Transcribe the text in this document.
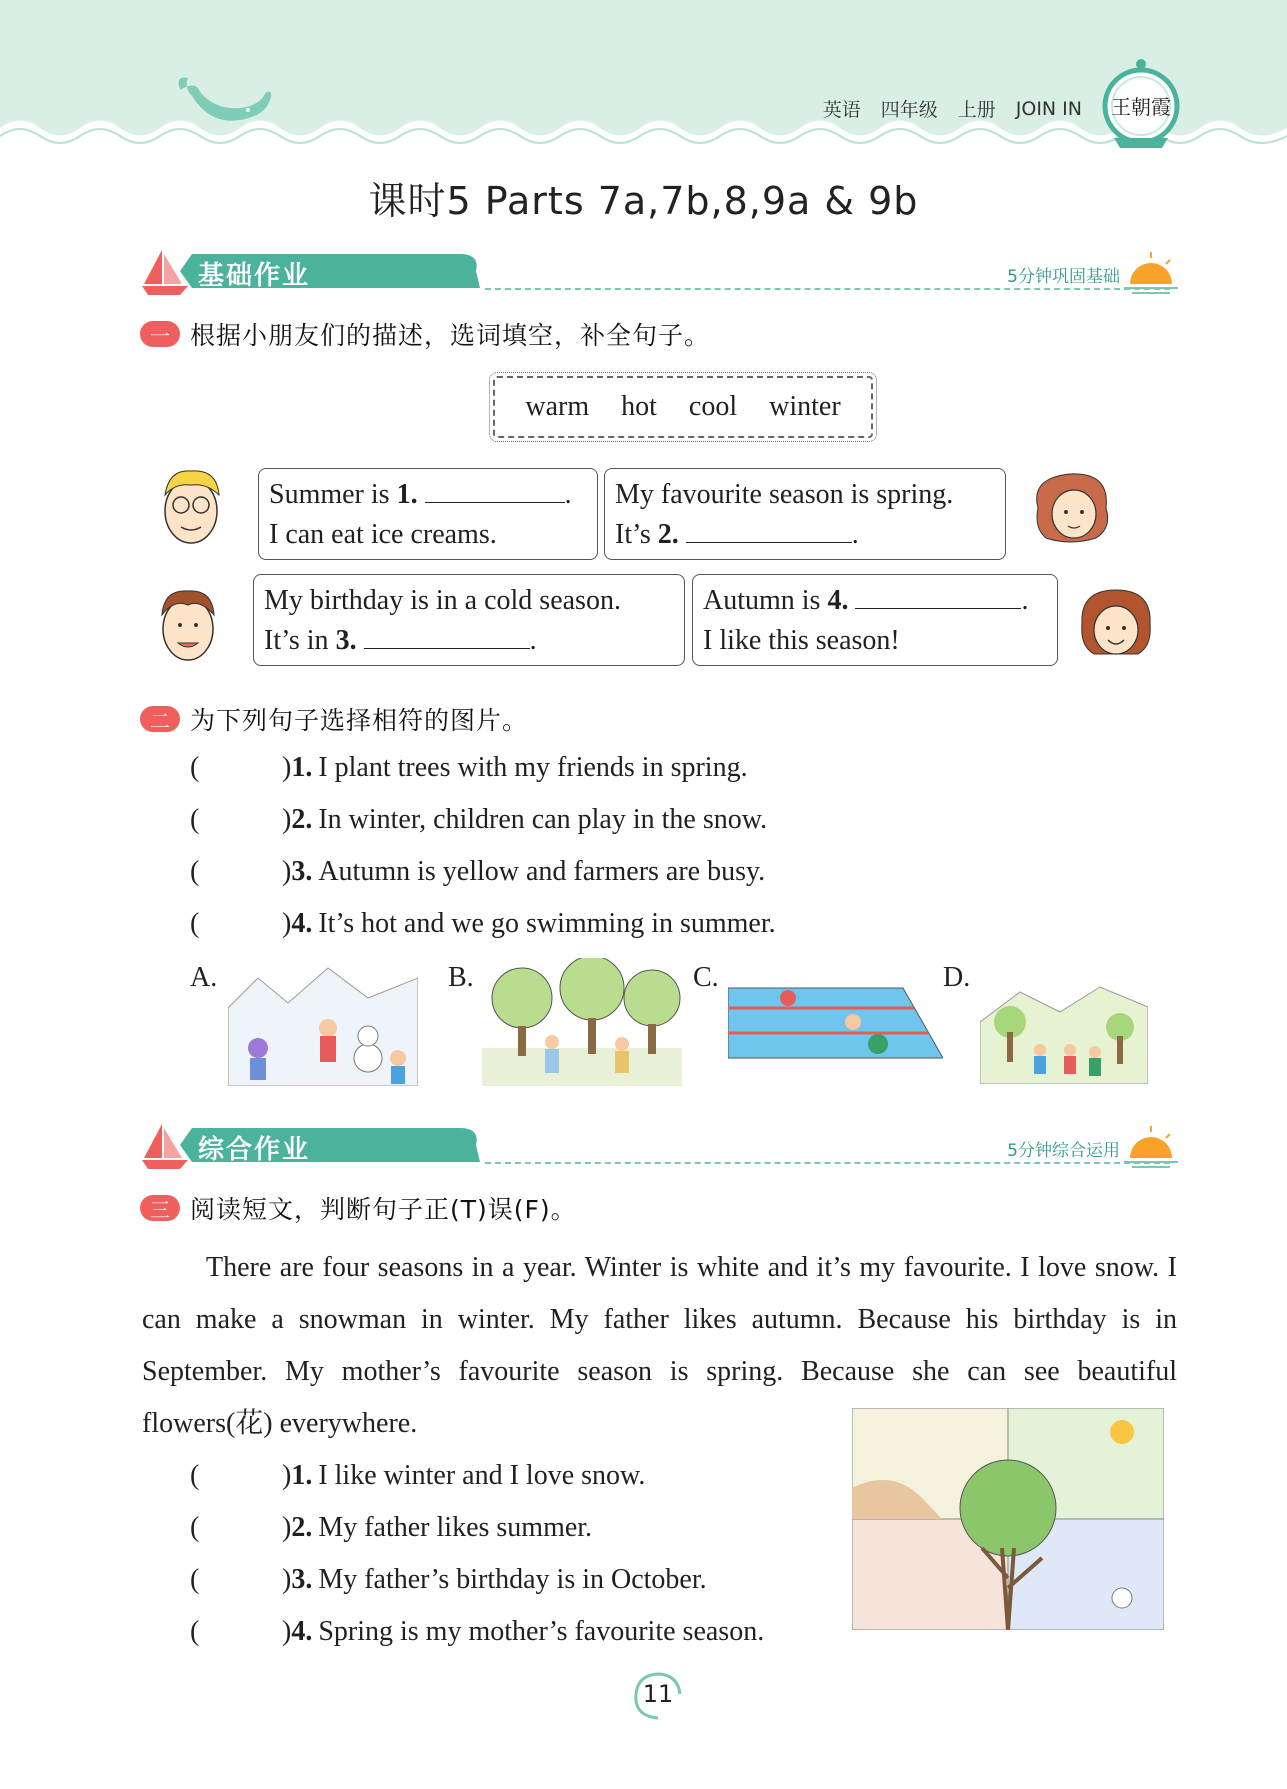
英语 四年级 上册 JOIN IN 王朝霞
课时5 Parts 7a,7b,8,9a & 9b
基础作业	5分钟巩固基础
一 根据小朋友们的描述，选词填空，补全句子。
warm hot cool winter
Summer is 1.	.
I can eat ice creams.
My favourite season is spring.
It’s 2.	.
My birthday is in a cold season.
It’s in 3.	.
Autumn is 4.	.
I like this season!
二 为下列句子选择相符的图片。
(	) 1. I plant trees with my friends in spring.
(	) 2. In winter, children can play in the snow.
(	) 3. Autumn is yellow and farmers are busy.
(	) 4. It’s hot and we go swimming in summer.
A.	B.	C.	D.
综合作业	5分钟综合运用
三 阅读短文，判断句子正(T)误(F)。

There are four seasons in a year. Winter is white and it’s my favourite. I love snow. I can make a snowman in winter. My father likes autumn. Because his birthday is in September. My mother’s favourite season is spring. Because she can see beautiful flowers(花) everywhere.

(	) 1. I like winter and I love snow.
(	) 2. My father likes summer.
(	) 3. My father’s birthday is in October.
(	) 4. Spring is my mother’s favourite season.
11
